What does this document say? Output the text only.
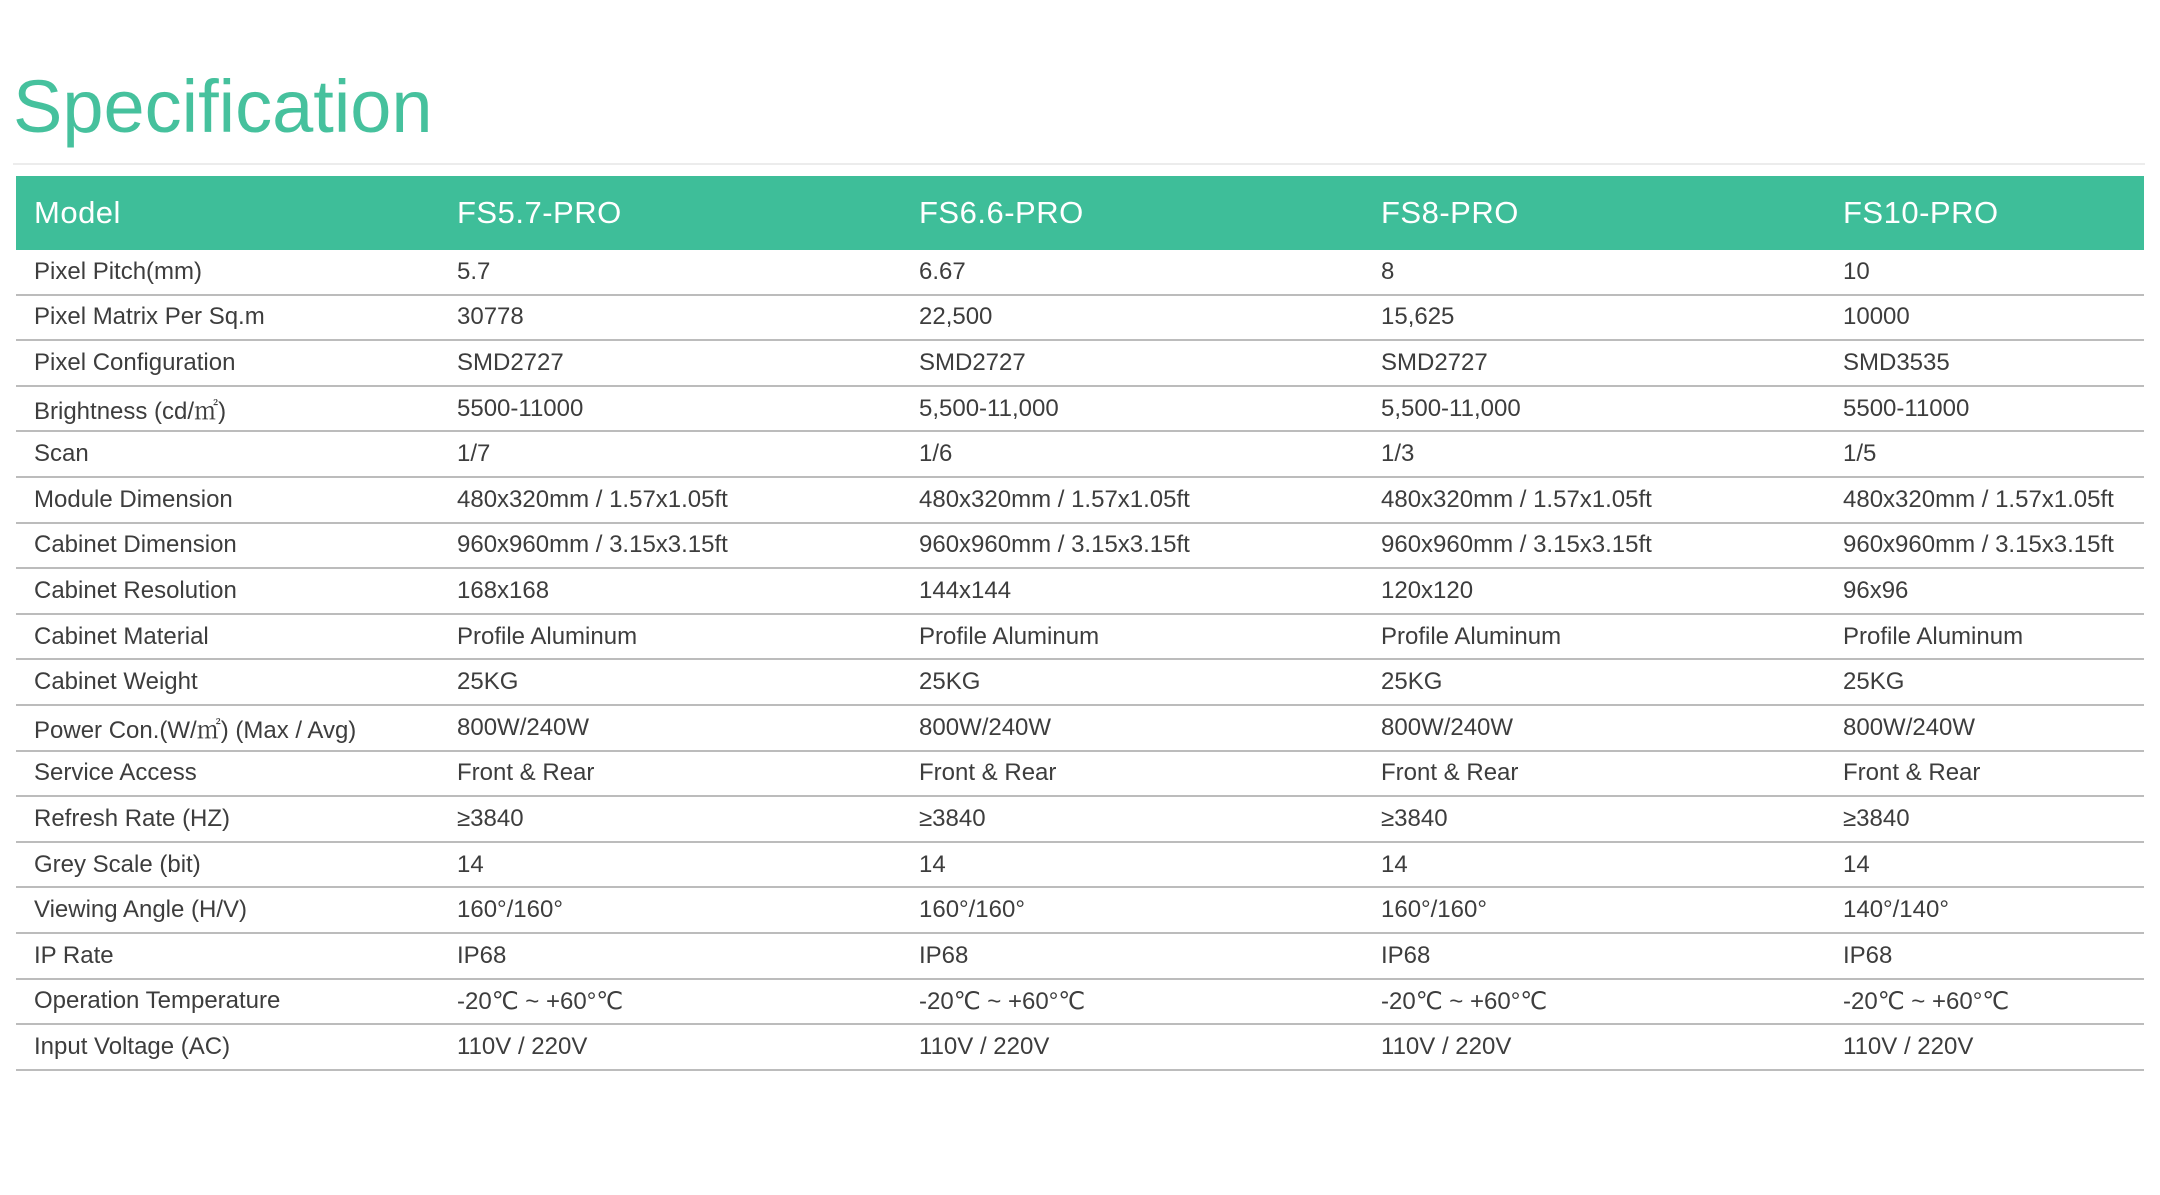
Specification
Model	FS5.7-PRO	FS6.6-PRO	FS8-PRO	FS10-PRO
Pixel Pitch(mm)	5.7	6.67	8	10
Pixel Matrix Per Sq.m	30778	22,500	15,625	10000
Pixel Configuration	SMD2727	SMD2727	SMD2727	SMD3535
Brightness (cd/㎡)	5500-11000	5,500-11,000	5,500-11,000	5500-11000
Scan	1/7	1/6	1/3	1/5
Module Dimension	480x320mm / 1.57x1.05ft	480x320mm / 1.57x1.05ft	480x320mm / 1.57x1.05ft	480x320mm / 1.57x1.05ft
Cabinet Dimension	960x960mm / 3.15x3.15ft	960x960mm / 3.15x3.15ft	960x960mm / 3.15x3.15ft	960x960mm / 3.15x3.15ft
Cabinet Resolution	168x168	144x144	120x120	96x96
Cabinet Material	Profile Aluminum	Profile Aluminum	Profile Aluminum	Profile Aluminum
Cabinet Weight	25KG	25KG	25KG	25KG
Power Con.(W/㎡) (Max / Avg)	800W/240W	800W/240W	800W/240W	800W/240W
Service Access	Front & Rear	Front & Rear	Front & Rear	Front & Rear
Refresh Rate (HZ)	≥3840	≥3840	≥3840	≥3840
Grey Scale (bit)	14	14	14	14
Viewing Angle (H/V)	160°/160°	160°/160°	160°/160°	140°/140°
IP Rate	IP68	IP68	IP68	IP68
Operation Temperature	-20℃ ~ +60°℃	-20℃ ~ +60°℃	-20℃ ~ +60°℃	-20℃ ~ +60°℃
Input Voltage (AC)	110V / 220V	110V / 220V	110V / 220V	110V / 220V
